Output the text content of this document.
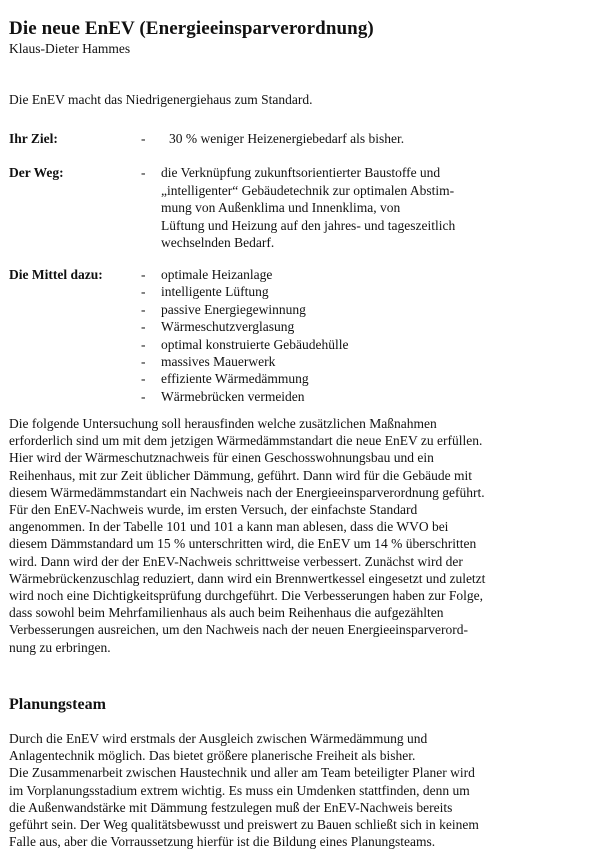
Die neue EnEV (Energieeinsparverordnung)
Klaus-Dieter Hammes
Die EnEV macht das Niedrigenergiehaus zum Standard.
Ihr Ziel:	- 30 % weniger Heizenergiebedarf als bisher.
Der Weg:	- die Verknüpfung zukunftsorientierter Baustoffe und
„intelligenter“ Gebäudetechnik zur optimalen Abstim-
mung von Außenklima und Innenklima, von
Lüftung und Heizung auf den jahres- und tageszeitlich
wechselnden Bedarf.
Die Mittel dazu:	- optimale Heizanlage
- intelligente Lüftung
- passive Energiegewinnung
- Wärmeschutzverglasung
- optimal konstruierte Gebäudehülle
- massives Mauerwerk
- effiziente Wärmedämmung
- Wärmebrücken vermeiden
Die folgende Untersuchung soll herausfinden welche zusätzlichen Maßnahmen
erforderlich sind um mit dem jetzigen Wärmedämmstandart die neue EnEV zu erfüllen.
Hier wird der Wärmeschutznachweis für einen Geschosswohnungsbau und ein
Reihenhaus, mit zur Zeit üblicher Dämmung, geführt. Dann wird für die Gebäude mit
diesem Wärmedämmstandart ein Nachweis nach der Energieeinsparverordnung geführt.
Für den EnEV-Nachweis wurde, im ersten Versuch, der einfachste Standard
angenommen. In der Tabelle 101 und 101 a kann man ablesen, dass die WVO bei
diesem Dämmstandard um 15 % unterschritten wird, die EnEV um 14 % überschritten
wird. Dann wird der der EnEV-Nachweis schrittweise verbessert. Zunächst wird der
Wärmebrückenzuschlag reduziert, dann wird ein Brennwertkessel eingesetzt und zuletzt
wird noch eine Dichtigkeitsprüfung durchgeführt. Die Verbesserungen haben zur Folge,
dass sowohl beim Mehrfamilienhaus als auch beim Reihenhaus die aufgezählten
Verbesserungen ausreichen, um den Nachweis nach der neuen Energieeinsparverord-
nung zu erbringen.
Planungsteam
Durch die EnEV wird erstmals der Ausgleich zwischen Wärmedämmung und
Anlagentechnik möglich. Das bietet größere planerische Freiheit als bisher.
Die Zusammenarbeit zwischen Haustechnik und aller am Team beteiligter Planer wird
im Vorplanungsstadium extrem wichtig. Es muss ein Umdenken stattfinden, denn um
die Außenwandstärke mit Dämmung festzulegen muß der EnEV-Nachweis bereits
geführt sein. Der Weg qualitätsbewusst und preiswert zu Bauen schließt sich in keinem
Falle aus, aber die Vorraussetzung hierfür ist die Bildung eines Planungsteams.
